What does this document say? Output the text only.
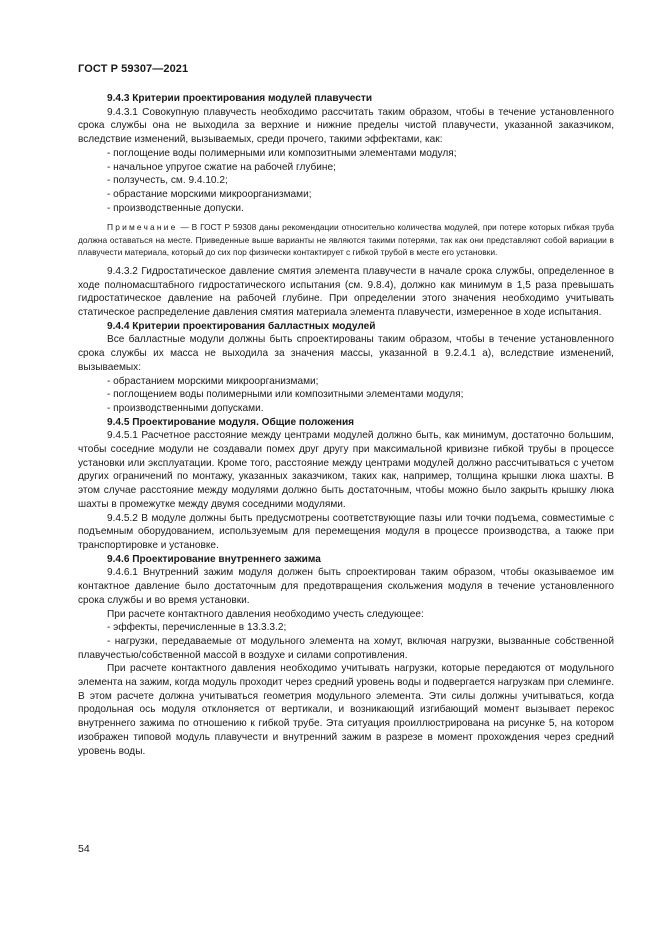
ГОСТ Р 59307—2021
9.4.3 Критерии проектирования модулей плавучести

9.4.3.1 Совокупную плавучесть необходимо рассчитать таким образом, чтобы в течение установленного срока службы она не выходила за верхние и нижние пределы чистой плавучести, указанной заказчиком, вследствие изменений, вызываемых, среди прочего, такими эффектами, как:

- поглощение воды полимерными или композитными элементами модуля;
- начальное упругое сжатие на рабочей глубине;
- ползучесть, см. 9.4.10.2;
- обрастание морскими микроорганизмами;
- производственные допуски.

Примечание — В ГОСТ Р 59308 даны рекомендации относительно количества модулей, при потере которых гибкая труба должна оставаться на месте. Приведенные выше варианты не являются такими потерями, так как они представляют собой вариации в плавучести материала, который до сих пор физически контактирует с гибкой трубой в месте его установки.

9.4.3.2 Гидростатическое давление смятия элемента плавучести в начале срока службы, определенное в ходе полномасштабного гидростатического испытания (см. 9.8.4), должно как минимум в 1,5 раза превышать гидростатическое давление на рабочей глубине. При определении этого значения необходимо учитывать статическое распределение давления смятия материала элемента плавучести, измеренное в ходе испытания.

9.4.4 Критерии проектирования балластных модулей

Все балластные модули должны быть спроектированы таким образом, чтобы в течение установленного срока службы их масса не выходила за значения массы, указанной в 9.2.4.1 а), вследствие изменений, вызываемых:

- обрастанием морскими микроорганизмами;
- поглощением воды полимерными или композитными элементами модуля;
- производственными допусками.
9.4.5 Проектирование модуля. Общие положения

9.4.5.1 Расчетное расстояние между центрами модулей должно быть, как минимум, достаточно большим, чтобы соседние модули не создавали помех друг другу при максимальной кривизне гибкой трубы в процессе установки или эксплуатации. Кроме того, расстояние между центрами модулей должно рассчитываться с учетом других ограничений по монтажу, указанных заказчиком, таких как, например, толщина крышки люка шахты. В этом случае расстояние между модулями должно быть достаточным, чтобы можно было закрыть крышку люка шахты в промежутке между двумя соседними модулями.

9.4.5.2 В модуле должны быть предусмотрены соответствующие пазы или точки подъема, совместимые с подъемным оборудованием, используемым для перемещения модуля в процессе производства, а также при транспортировке и установке.

9.4.6 Проектирование внутреннего зажима

9.4.6.1 Внутренний зажим модуля должен быть спроектирован таким образом, чтобы оказываемое им контактное давление было достаточным для предотвращения скольжения модуля в течение установленного срока службы и во время установки.

При расчете контактного давления необходимо учесть следующее:

- эффекты, перечисленные в 13.3.3.2;
- нагрузки, передаваемые от модульного элемента на хомут, включая нагрузки, вызванные собственной плавучестью/собственной массой в воздухе и силами сопротивления.

При расчете контактного давления необходимо учитывать нагрузки, которые передаются от модульного элемента на зажим, когда модуль проходит через средний уровень воды и подвергается нагрузкам при слеминге. В этом расчете должна учитываться геометрия модульного элемента. Эти силы должны учитываться, когда продольная ось модуля отклоняется от вертикали, и возникающий изгибающий момент вызывает перекос внутреннего зажима по отношению к гибкой трубе. Эта ситуация проиллюстрирована на рисунке 5, на котором изображен типовой модуль плавучести и внутренний зажим в разрезе в момент прохождения через средний уровень воды.

54
